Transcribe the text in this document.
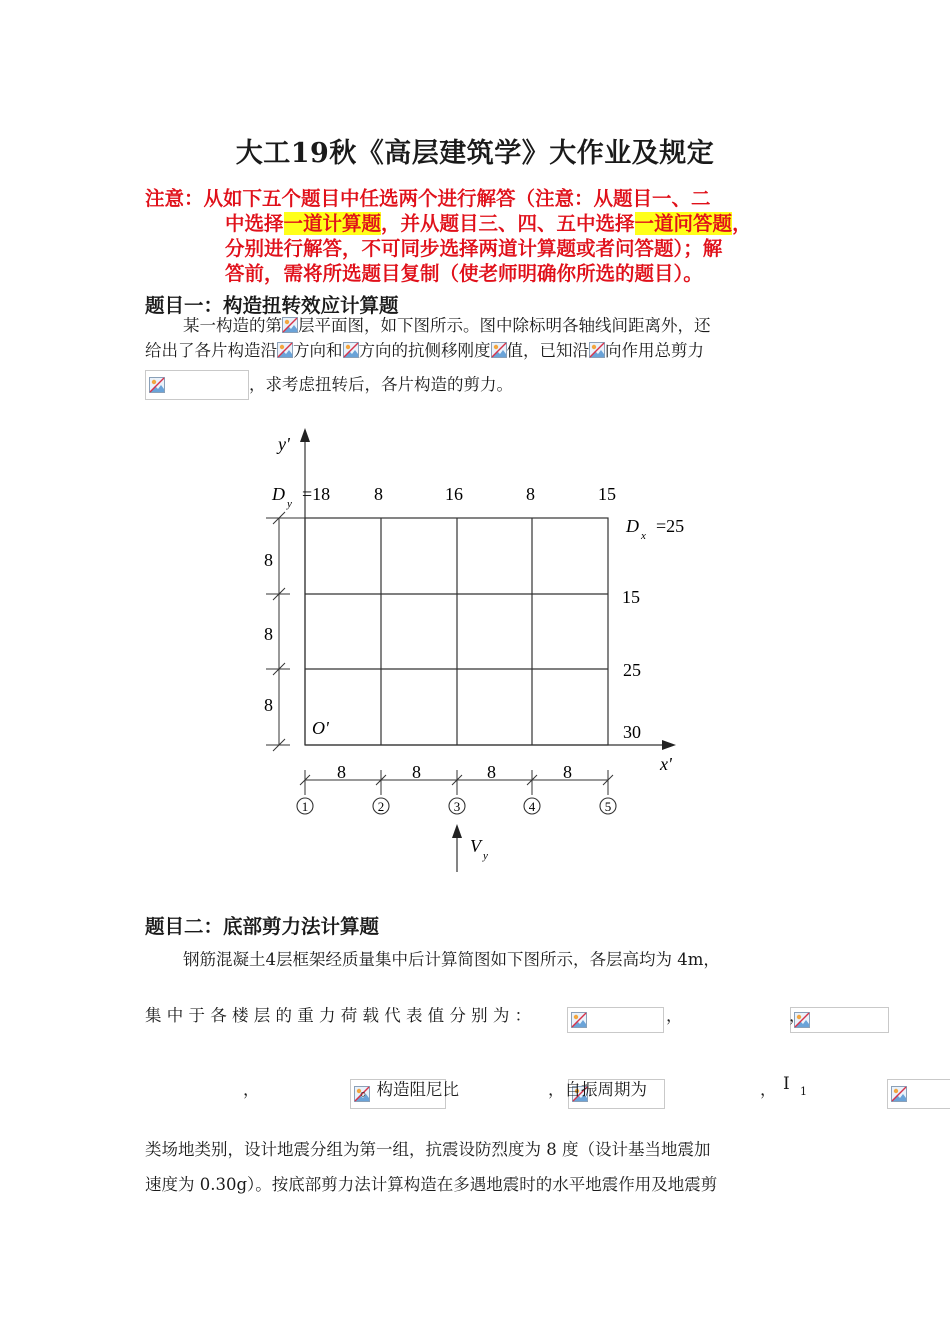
大工19秋《高层建筑学》大作业及规定

注意：从如下五个题目中任选两个进行解答（注意：从题目一、二

中选择一道计算题，并从题目三、四、五中选择一道问答题，

分别进行解答，不可同步选择两道计算题或者问答题）；解

答前，需将所选题目复制（使老师明确你所选的题目）。

题目一：构造扭转效应计算题
某一构造的第 层平面图，如下图所示。图中除标明各轴线间距离外，还
给出了各片构造沿 方向和 方向的抗侧移刚度 值，已知沿 向作用总剪力
，求考虑扭转后，各片构造的剪力。
y'
x'
D y =18 8	16	8	15
D x =25
15
25
30
8
8
8
O'
8	8	8	8
1	2	3	4	5
V y
题目二：底部剪力法计算题
钢筋混凝土4层框架经质量集中后计算简图如下图所示，各层高均为 4m，
集 中 于 各 楼 层 的 重 力 荷 载 代 表 值 分 别 为 ：
	，
	，

，
	。构造阻尼比
	，自振周期为	， Ⅰ 1
类场地类别，设计地震分组为第一组，抗震设防烈度为 8 度（设计基当地震加
速度为 0.30g）。按底部剪力法计算构造在多遇地震时的水平地震作用及地震剪
